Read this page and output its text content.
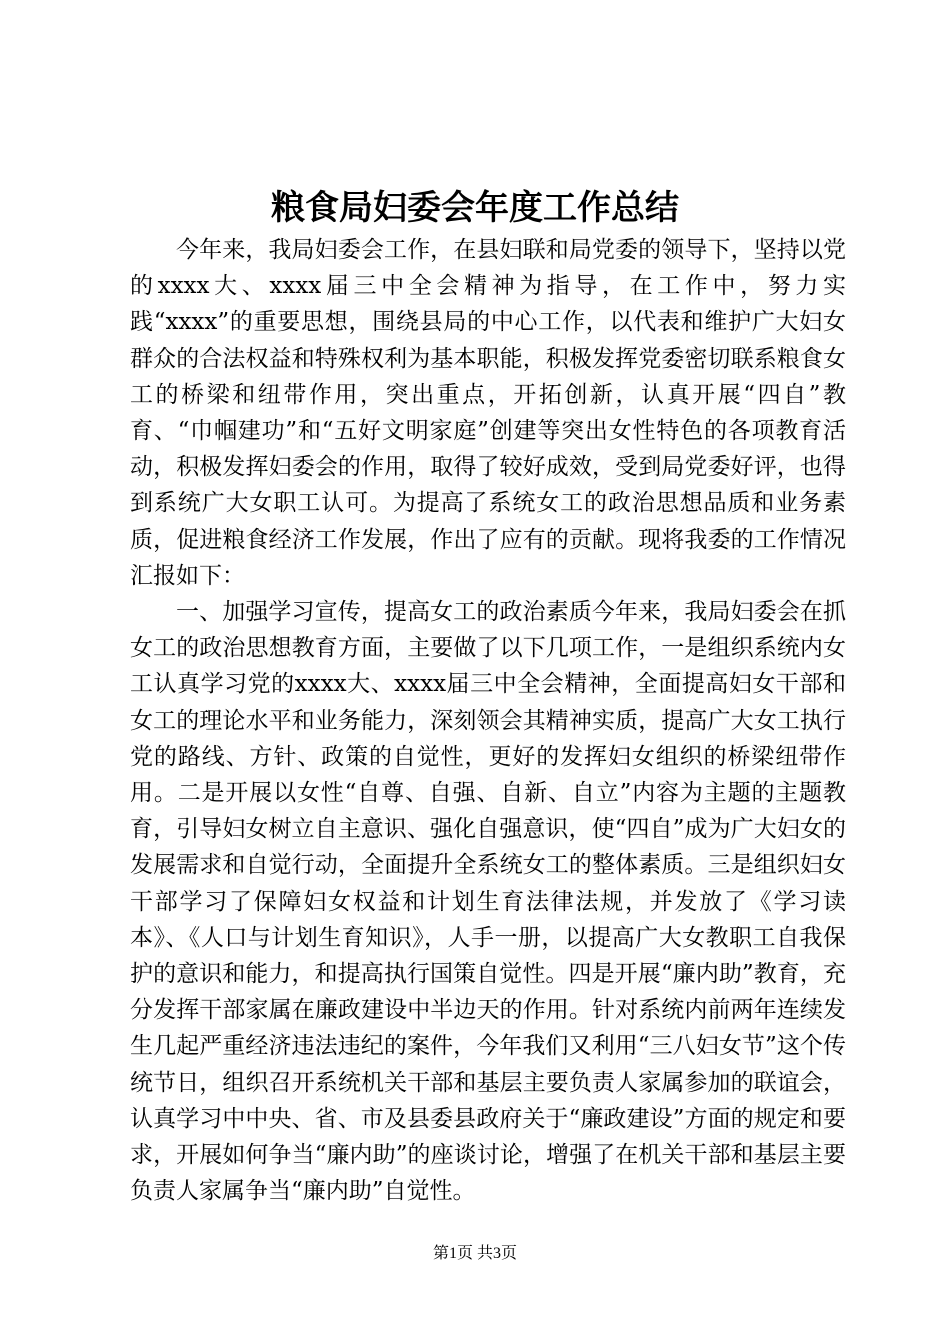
粮食局妇委会年度工作总结

今年来，我局妇委会工作，在县妇联和局党委的领导下，坚持以党的xxxx大、xxxx届三中全会精神为指导，在工作中，努力实践“xxxx”的重要思想，围绕县局的中心工作，以代表和维护广大妇女群众的合法权益和特殊权利为基本职能，积极发挥党委密切联系粮食女工的桥梁和纽带作用，突出重点，开拓创新，认真开展“四自”教育、“巾帼建功”和“五好文明家庭”创建等突出女性特色的各项教育活动，积极发挥妇委会的作用，取得了较好成效，受到局党委好评，也得到系统广大女职工认可。为提高了系统女工的政治思想品质和业务素质，促进粮食经济工作发展，作出了应有的贡献。现将我委的工作情况汇报如下：

一、加强学习宣传，提高女工的政治素质今年来，我局妇委会在抓女工的政治思想教育方面，主要做了以下几项工作，一是组织系统内女工认真学习党的xxxx大、xxxx届三中全会精神，全面提高妇女干部和女工的理论水平和业务能力，深刻领会其精神实质，提高广大女工执行党的路线、方针、政策的自觉性，更好的发挥妇女组织的桥梁纽带作用。二是开展以女性“自尊、自强、自新、自立”内容为主题的主题教育，引导妇女树立自主意识、强化自强意识，使“四自”成为广大妇女的发展需求和自觉行动，全面提升全系统女工的整体素质。三是组织妇女干部学习了保障妇女权益和计划生育法律法规，并发放了《学习读本》、《人口与计划生育知识》，人手一册，以提高广大女教职工自我保护的意识和能力，和提高执行国策自觉性。四是开展“廉内助”教育，充分发挥干部家属在廉政建设中半边天的作用。针对系统内前两年连续发生几起严重经济违法违纪的案件，今年我们又利用“三八妇女节”这个传统节日，组织召开系统机关干部和基层主要负责人家属参加的联谊会，认真学习中中央、省、市及县委县政府关于“廉政建设”方面的规定和要求，开展如何争当“廉内助”的座谈讨论，增强了在机关干部和基层主要负责人家属争当“廉内助”自觉性。

第1页 共3页
